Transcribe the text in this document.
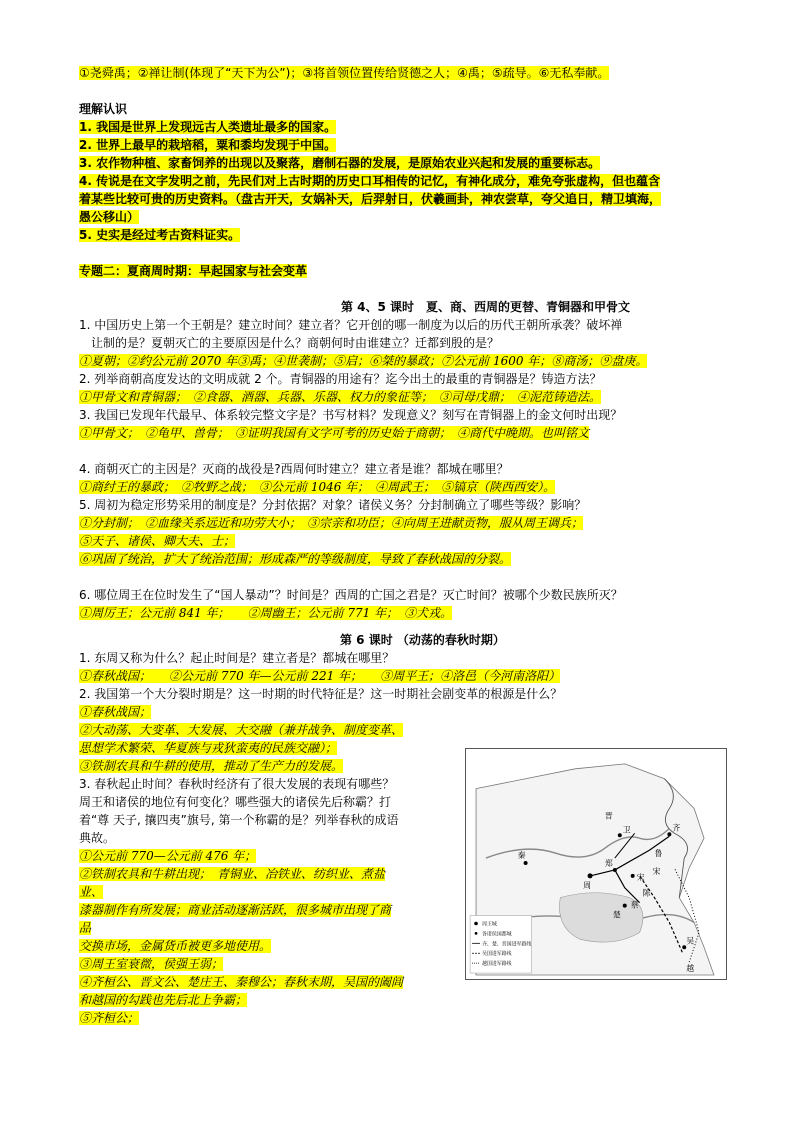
①尧舜禹；②禅让制(体现了“天下为公”)；③将首领位置传给贤德之人；④禹；⑤疏导。⑥无私奉献。
理解认识
1. 我国是世界上发现远古人类遗址最多的国家。
2. 世界上最早的栽培稻，粟和黍均发现于中国。
3. 农作物种植、家畜饲养的出现以及聚落，磨制石器的发展，是原始农业兴起和发展的重要标志。
4. 传说是在文字发明之前，先民们对上古时期的历史口耳相传的记忆，有神化成分，难免夸张虚构，但也蕴含
着某些比较可贵的历史资料。（盘古开天，女娲补天，后羿射日，伏羲画卦，神农尝草，夸父追日，精卫填海，
愚公移山）
5. 史实是经过考古资料证实。
专题二：夏商周时期：早起国家与社会变革
第 4、5 课时　夏、商、西周的更替、青铜器和甲骨文
1. 中国历史上第一个王朝是？建立时间？建立者？它开创的哪一制度为以后的历代王朝所承袭？破坏禅
让制的是？夏朝灭亡的主要原因是什么？商朝何时由谁建立？迁都到殷的是？
①夏朝；②约公元前 2070 年③禹；④世袭制；⑤启；⑥桀的暴政；⑦公元前 1600 年；⑧商汤；⑨盘庚。
2. 列举商朝高度发达的文明成就 2 个。青铜器的用途有？迄今出土的最重的青铜器是？铸造方法？
①甲骨文和青铜器；　②食器、酒器、兵器、乐器、权力的象征等；　③司母戊鼎；　④泥范铸造法。
3. 我国已发现年代最早、体系较完整文字是？书写材料？发现意义？刻写在青铜器上的金文何时出现？
①甲骨文；　②龟甲、兽骨；　③证明我国有文字可考的历史始于商朝；　④商代中晚期。也叫铭文
4. 商朝灭亡的主因是？灭商的战役是?西周何时建立？建立者是谁？都城在哪里？
①商纣王的暴政；　②牧野之战；　③公元前 1046 年；　④周武王；　⑤镐京（陕西西安）。
5. 周初为稳定形势采用的制度是？分封依据？对象？诸侯义务？分封制确立了哪些等级？影响？
①分封制；　②血缘关系远近和功劳大小；　③宗亲和功臣；④向周王进献贡物，服从周王调兵；
⑤天子、诸侯、卿大夫、士；
⑥巩固了统治，扩大了统治范围；形成森严的等级制度，导致了春秋战国的分裂。
6. 哪位周王在位时发生了“国人暴动”？时间是？西周的亡国之君是？灭亡时间？被哪个少数民族所灭？
①周厉王；公元前 841 年；　　②周幽王；公元前 771 年；　③犬戎。
第 6 课时 （动荡的春秋时期）
1. 东周又称为什么？起止时间是？建立者是？都城在哪里？
①春秋战国；　　②公元前 770 年—公元前 221 年；　　③周平王；④洛邑（今河南洛阳）
2. 我国第一个大分裂时期是？这一时期的时代特征是？这一时期社会剧变革的根源是什么？
①春秋战国；
②大动荡、大变革、大发展、大交融（兼并战争、制度变革、
思想学术繁荣、华夏族与戎狄蛮夷的民族交融）；
③铁制农具和牛耕的使用，推动了生产力的发展。
3. 春秋起止时间？春秋时经济有了很大发展的表现有哪些？
周王和诸侯的地位有何变化？哪些强大的诸侯先后称霸？打
着“尊 天子, 攘四夷”旗号, 第一个称霸的是？列举春秋的成语
典故。
①公元前 770—公元前 476 年；
②铁制农具和牛耕出现；　青铜业、冶铁业、纺织业、煮盐
业、
漆器制作有所发展；商业活动逐渐活跃，很多城市出现了商
品
交换市场，金属货币被更多地使用。
③周王室衰微，侯强王弱；
④齐桓公、晋文公、楚庄王、秦穆公；春秋末期，吴国的阖闾
和越国的勾践也先后北上争霸；
⑤齐桓公；
秦
晋
周
卫	齐
宋
楚
吴
越
鲁
郑
陈
蔡
宋
周王城
各诸侯国都城
齐、楚、晋国进军路线
吴国进军路线
越国进军路线
